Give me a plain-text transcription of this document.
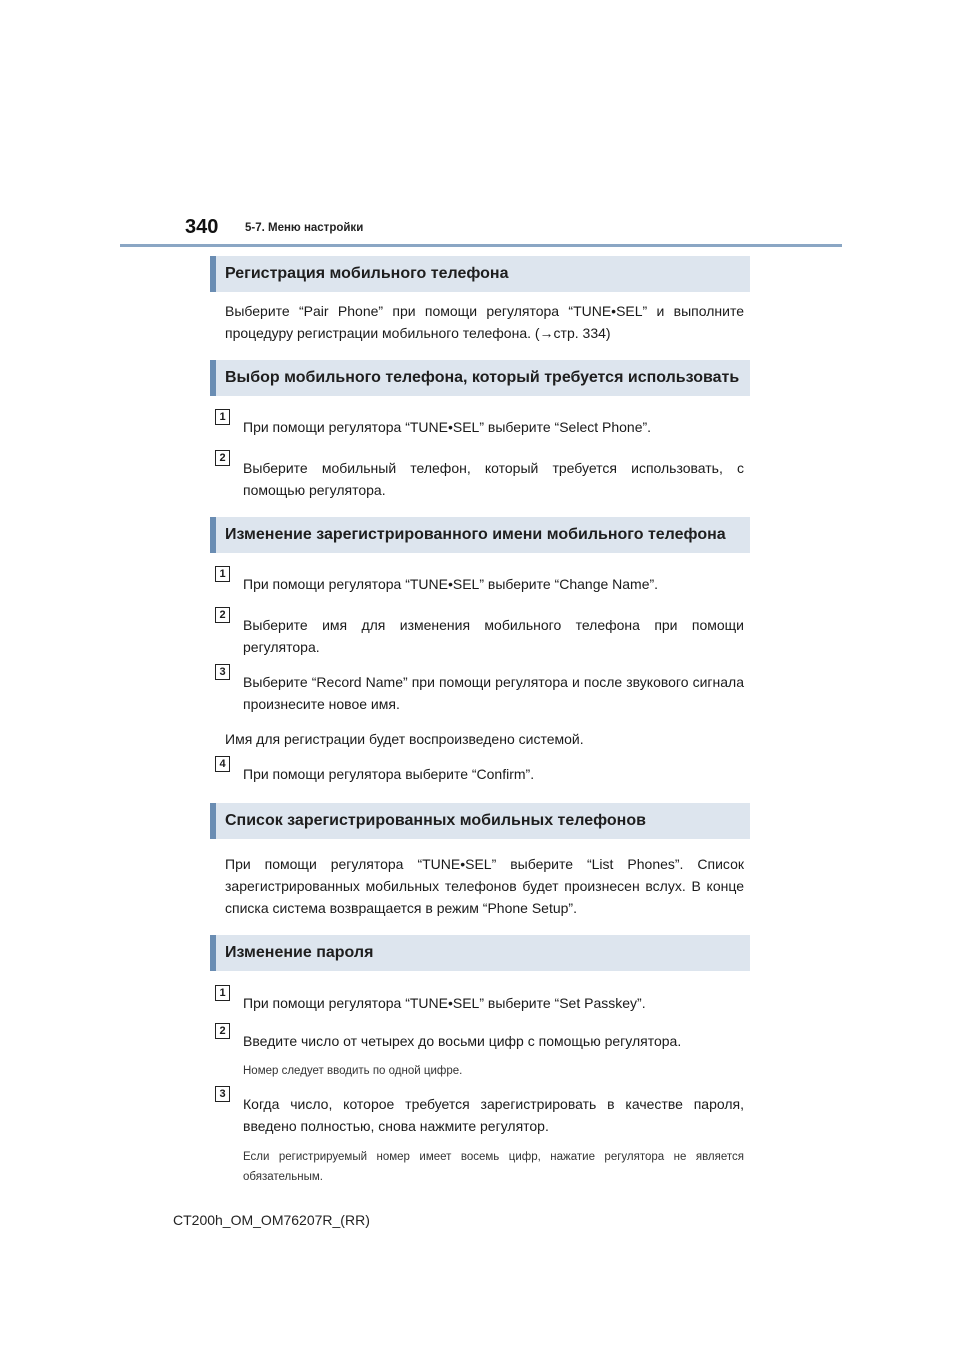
340 5-7. Меню настройки
Регистрация мобильного телефона

Выберите “Pair Phone” при помощи регулятора “TUNE•SEL” и выполните процедуру регистрации мобильного телефона. (→стр. 334)

Выбор мобильного телефона, который требуется использовать
1
При помощи регулятора “TUNE•SEL” выберите “Select Phone”.
2
Выберите мобильный телефон, который требуется использовать, с помощью регулятора.
Изменение зарегистрированного имени мобильного телефона
1
При помощи регулятора “TUNE•SEL” выберите “Change Name”.
2
Выберите имя для изменения мобильного телефона при помощи регулятора.
3
Выберите “Record Name” при помощи регулятора и после звукового сигнала произнесите новое имя.

Имя для регистрации будет воспроизведено системой.

4
При помощи регулятора выберите “Confirm”.
Список зарегистрированных мобильных телефонов

При помощи регулятора “TUNE•SEL” выберите “List Phones”. Список зарегистрированных мобильных телефонов будет произнесен вслух. В конце списка система возвращается в режим “Phone Setup”.

Изменение пароля
1
При помощи регулятора “TUNE•SEL” выберите “Set Passkey”.
2
Введите число от четырех до восьми цифр с помощью регулятора.

Номер следует вводить по одной цифре.

3
Когда число, которое требуется зарегистрировать в качестве пароля, введено полностью, снова нажмите регулятор.

Если регистрируемый номер имеет восемь цифр, нажатие регулятора не является обязательным.

CT200h_OM_OM76207R_(RR)
